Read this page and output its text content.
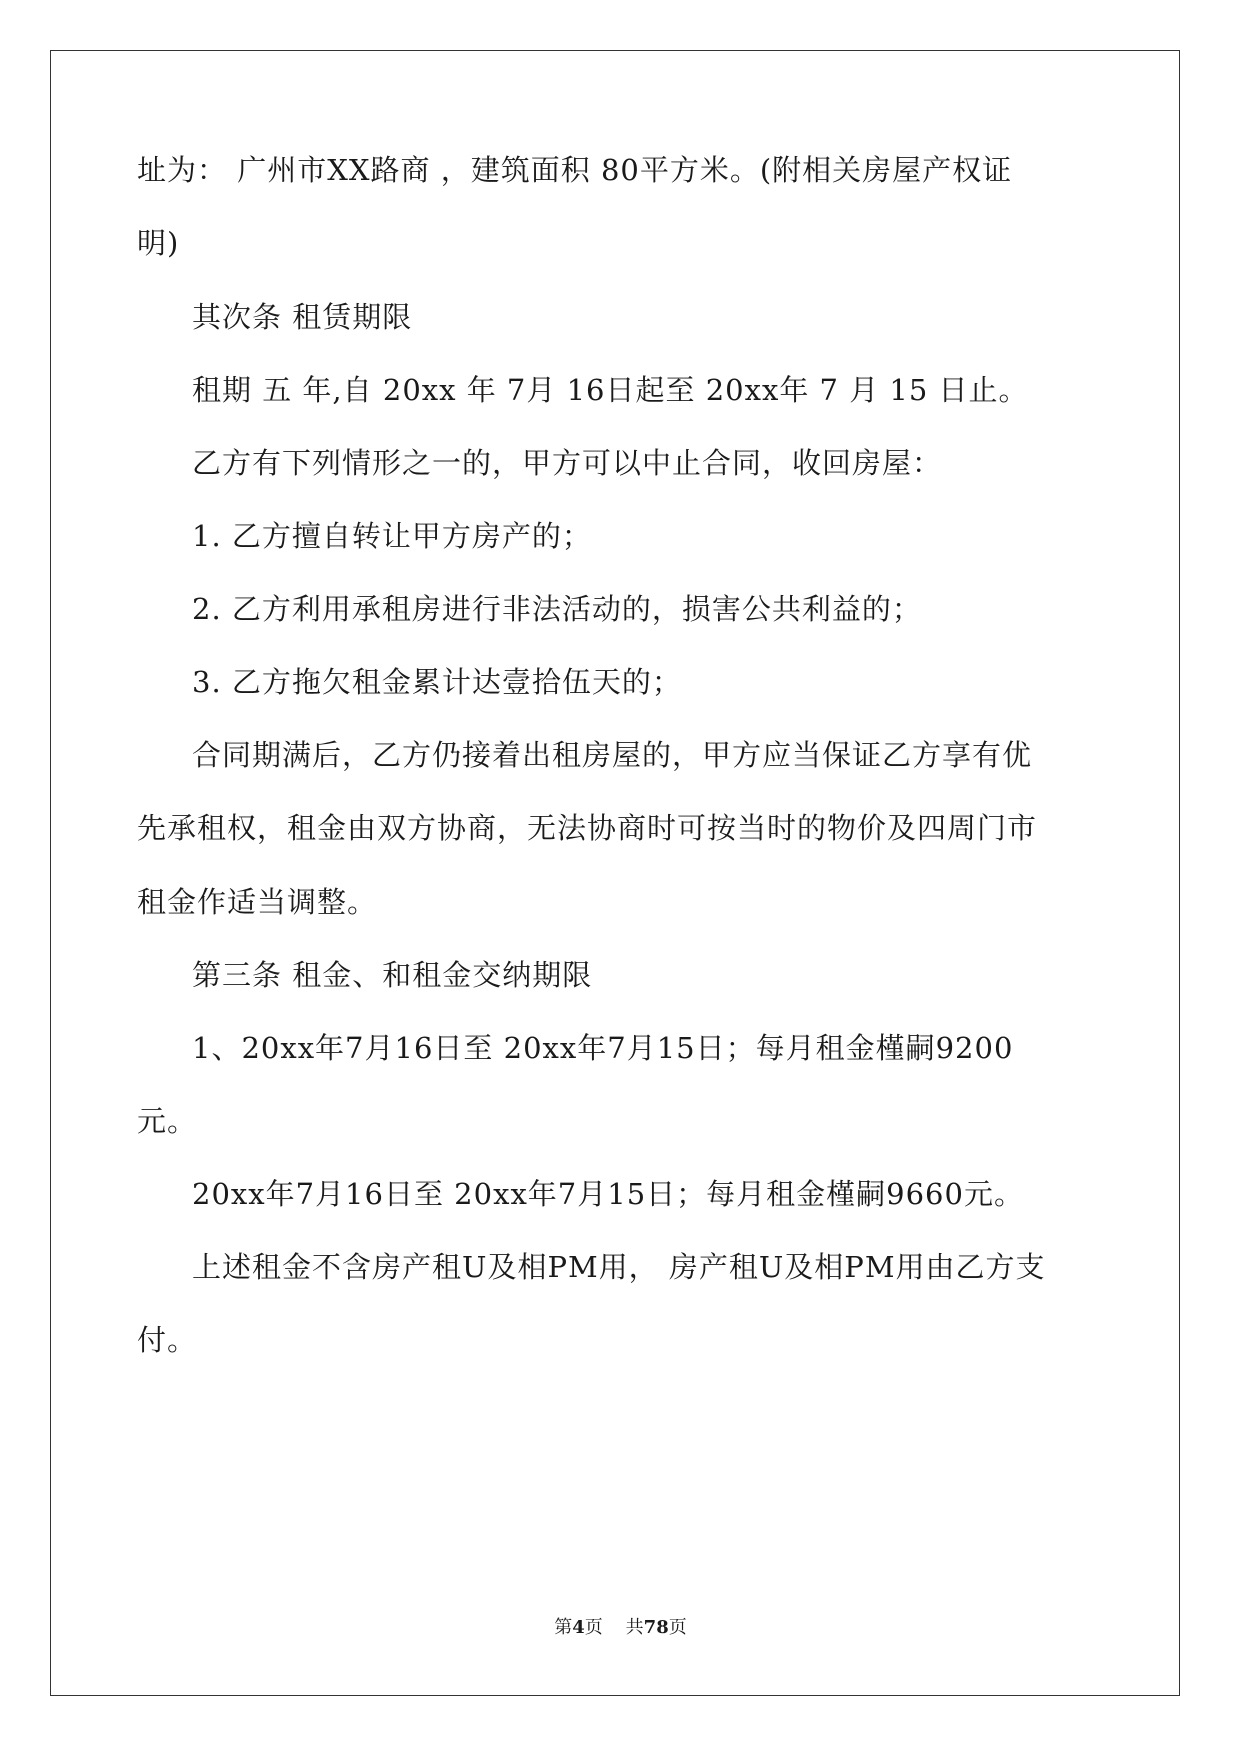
址为： 广州市XX路商 ，建筑面积 80平方米。(附相关房屋产权证
明)
其次条 租赁期限
租期 五 年,自 20xx 年 7月 16日起至 20xx年 7 月 15 日止。
乙方有下列情形之一的，甲方可以中止合同，收回房屋：
1. 乙方擅自转让甲方房产的；
2. 乙方利用承租房进行非法活动的，损害公共利益的；
3. 乙方拖欠租金累计达壹拾伍天的；
合同期满后，乙方仍接着出租房屋的，甲方应当保证乙方享有优
先承租权，租金由双方协商，无法协商时可按当时的物价及四周门市
租金作适当调整。
第三条 租金、和租金交纳期限
1、20xx年7月16日至 20xx年7月15日；每月租金槿嗣9200
元。
20xx年7月16日至 20xx年7月15日；每月租金槿嗣9660元。
上述租金不含房产租U及相PM用， 房产租U及相PM用由乙方支
付。
第4页 共78页
